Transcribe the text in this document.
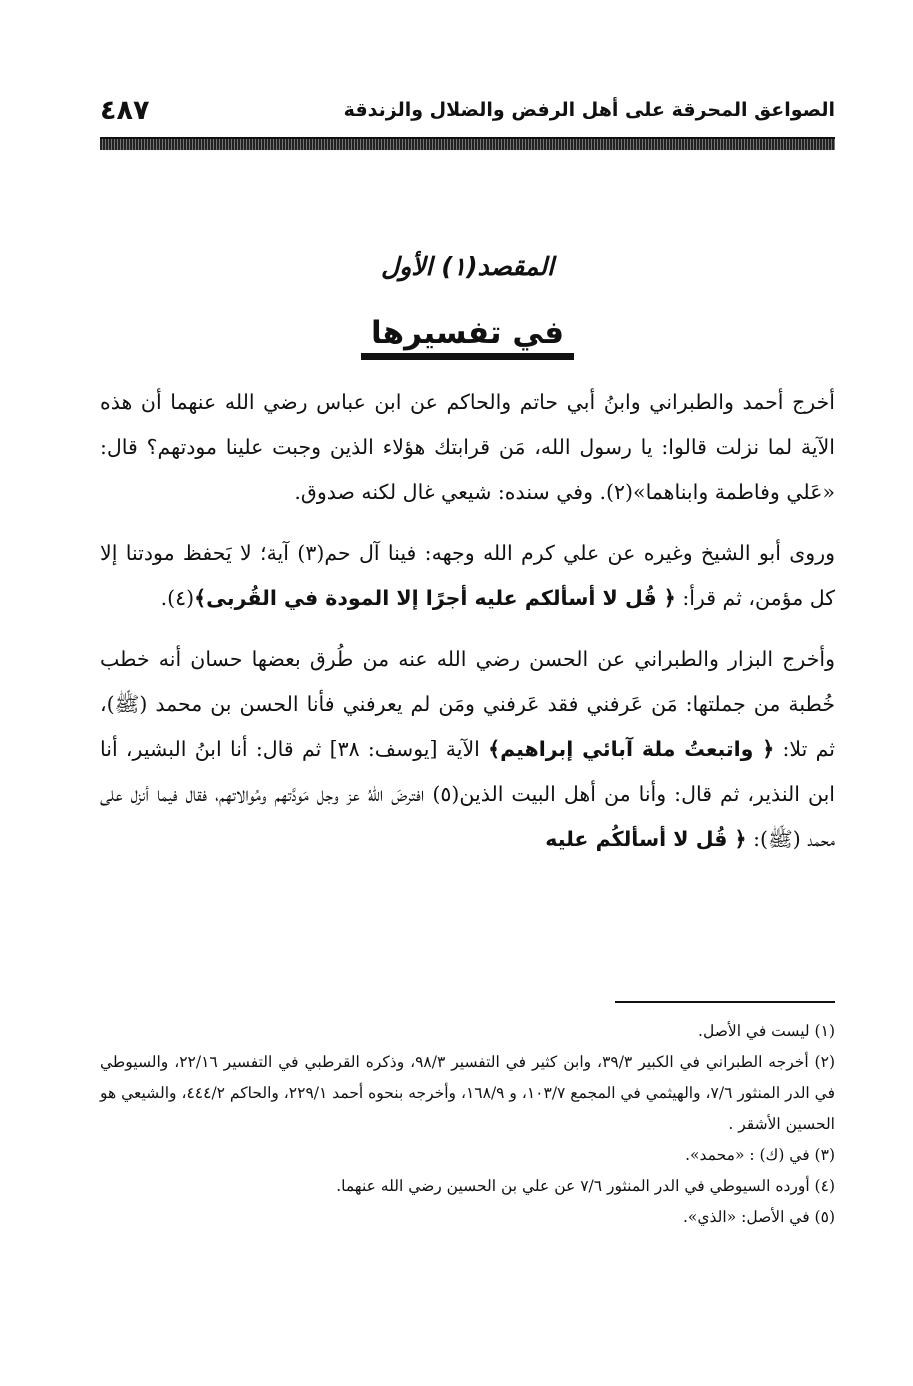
الصواعق المحرقة على أهل الرفض والضلال والزندقة
٤٨٧
المقصد(١) الأول
في تفسيرها

أخرج أحمد والطبراني وابنُ أبي حاتم والحاكم عن ابن عباس رضي الله عنهما أن هذه الآية لما نزلت قالوا: يا رسول الله، مَن قرابتك هؤلاء الذين وجبت علينا مودتهم؟ قال: «عَلي وفاطمة وابناهما»(٢). وفي سنده: شيعي غال لكنه صدوق.

وروى أبو الشيخ وغيره عن علي كرم الله وجهه: فينا آل حم(٣) آية؛ لا يَحفظ مودتنا إلا كل مؤمن، ثم قرأ: ﴿ قُل لا أسألكم عليه أجرًا إلا المودة في القُربى﴾(٤).

وأخرج البزار والطبراني عن الحسن رضي الله عنه من طُرق بعضها حسان أنه خطب خُطبة من جملتها: مَن عَرفني فقد عَرفني ومَن لم يعرفني فأنا الحسن بن محمد (ﷺ)، ثم تلا: ﴿ واتبعتُ ملة آبائي إبراهيم﴾ الآية [يوسف: ٣٨] ثم قال: أنا ابنُ البشير، أنا ابن النذير، ثم قال: وأنا من أهل البيت الذين(٥) افترضَ اللهُ عز وجل مَودَّتهم ومُوالاتهم، فقال فيما أنزل على محمد (ﷺ): ﴿ قُل لا أسألكُم عليه

(١) ليست في الأصل.

(٢) أخرجه الطبراني في الكبير ٣٩/٣، وابن كثير في التفسير ٩٨/٣، وذكره القرطبي في التفسير ٢٢/١٦، والسيوطي في الدر المنثور ٧/٦، والهيثمي في المجمع ١٠٣/٧، و ١٦٨/٩، وأخرجه بنحوه أحمد ٢٢٩/١، والحاكم ٤٤٤/٢، والشيعي هو الحسين الأشقر .

(٣) في (ك) : «محمد».

(٤) أورده السيوطي في الدر المنثور ٧/٦ عن علي بن الحسين رضي الله عنهما.

(٥) في الأصل: «الذي».
